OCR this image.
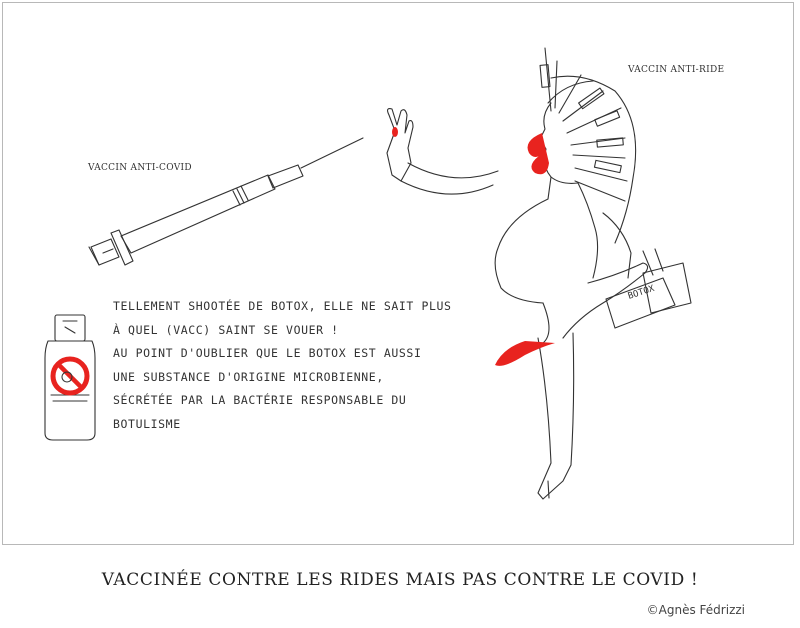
BOTOX
VACCIN ANTI-COVID
VACCIN ANTI-RIDE
TELLEMENT SHOOTÉE DE BOTOX, ELLE NE SAIT PLUS
À QUEL (VACC) SAINT SE VOUER !
AU POINT D'OUBLIER QUE LE BOTOX EST AUSSI
UNE SUBSTANCE D'ORIGINE MICROBIENNE,
SÉCRÉTÉE PAR LA BACTÉRIE RESPONSABLE DU
BOTULISME
VACCINÉE CONTRE LES RIDES MAIS PAS CONTRE LE COVID !
©Agnès Fédrizzi
